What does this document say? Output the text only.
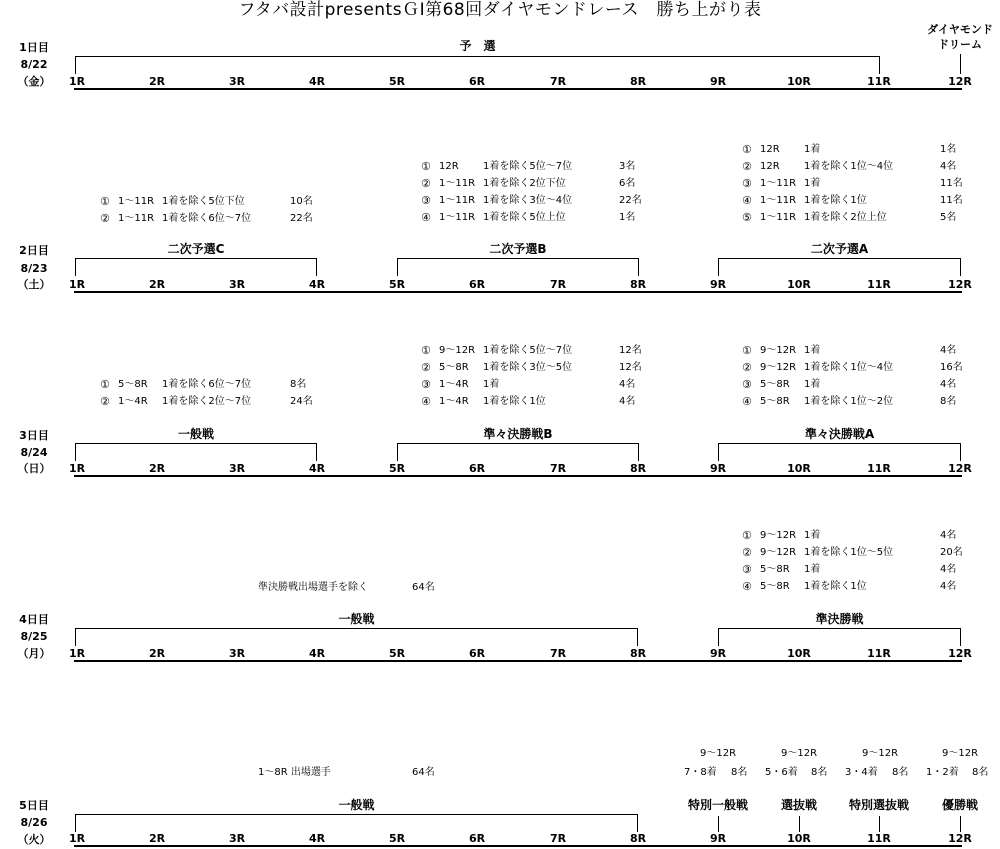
フタバ設計presentsＧⅠ第68回ダイヤモンドレース　勝ち上がり表
1日目
8/22
（金）
予　選
ダイヤモンド
ドリーム
1R	2R	3R	4R	5R	6R	7R	8R	9R	10R	11R	12R
① 1～11R 1着を除く5位下位	10名
② 1～11R 1着を除く6位～7位	22名
① 12R 1着を除く5位～7位	3名
② 1～11R 1着を除く2位下位	6名
③ 1～11R 1着を除く3位～4位	22名
④ 1～11R 1着を除く5位上位	1名
① 12R 1着	1名
② 12R 1着を除く1位～4位	4名
③ 1～11R 1着	11名
④ 1～11R 1着を除く1位	11名
⑤ 1～11R 1着を除く2位上位	5名
2日目
8/23
（土）
二次予選C	二次予選B	二次予選A
1R	2R	3R	4R	5R	6R	7R	8R	9R	10R	11R	12R
① 5～8R 1着を除く6位～7位	8名
② 1～4R 1着を除く2位～7位	24名
① 9～12R 1着を除く5位～7位	12名
② 5～8R 1着を除く3位～5位	12名
③ 1～4R 1着	4名
④ 1～4R 1着を除く1位	4名
① 9～12R 1着	4名
② 9～12R 1着を除く1位～4位	16名
③ 5～8R 1着	4名
④ 5～8R 1着を除く1位～2位	8名
3日目
8/24
（日）
一般戦	準々決勝戦B	準々決勝戦A
1R	2R	3R	4R	5R	6R	7R	8R	9R	10R	11R	12R
準決勝戦出場選手を除く	64名
① 9～12R 1着	4名
② 9～12R 1着を除く1位～5位	20名
③ 5～8R 1着	4名
④ 5～8R 1着を除く1位	4名
4日目
8/25
（月）
一般戦	準決勝戦
1R	2R	3R	4R	5R	6R	7R	8R	9R	10R	11R	12R
1～8R 出場選手	64名
9～12R
7・8着 8名
9～12R
5・6着 8名
9～12R
3・4着 8名
9～12R
1・2着 8名
5日目
8/26
（火）
一般戦	特別一般戦	選抜戦	特別選抜戦	優勝戦
1R	2R	3R	4R	5R	6R	7R	8R	9R	10R	11R	12R
